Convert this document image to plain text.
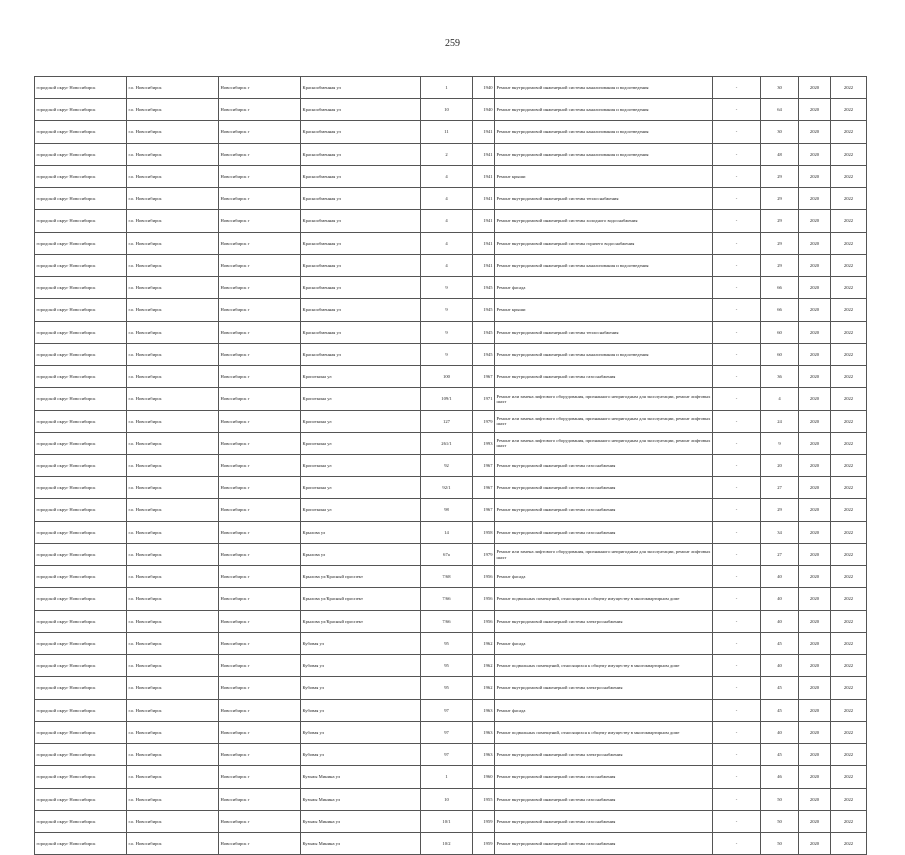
259
городской округ Новосибирск	г.о. Новосибирск	Новосибирск г	Краснообменная ул	1	1940	Ремонт внутридомовой инженерной системы канализования и водоотведения	-	30	2020	2022
городской округ Новосибирск	г.о. Новосибирск	Новосибирск г	Краснообменная ул	10	1940	Ремонт внутридомовой инженерной системы канализования и водоотведения	-	64	2020	2022
городской округ Новосибирск	г.о. Новосибирск	Новосибирск г	Краснообменная ул	11	1941	Ремонт внутридомовой инженерной системы канализования и водоотведения	-	30	2020	2022
городской округ Новосибирск	г.о. Новосибирск	Новосибирск г	Краснообменная ул	2	1941	Ремонт внутридомовой инженерной системы канализования и водоотведения	-	48	2020	2022
городской округ Новосибирск	г.о. Новосибирск	Новосибирск г	Краснообменная ул	4	1941	Ремонт крыши	-	29	2020	2022
городской округ Новосибирск	г.о. Новосибирск	Новосибирск г	Краснообменная ул	4	1941	Ремонт внутридомовой инженерной системы теплоснабжения	-	29	2020	2022
городской округ Новосибирск	г.о. Новосибирск	Новосибирск г	Краснообменная ул	4	1941	Ремонт внутридомовой инженерной системы холодного водоснабжения	-	29	2020	2022
городской округ Новосибирск	г.о. Новосибирск	Новосибирск г	Краснообменная ул	4	1941	Ремонт внутридомовой инженерной системы горячего водоснабжения	-	29	2020	2022
городской округ Новосибирск	г.о. Новосибирск	Новосибирск г	Краснообменная ул	4	1941	Ремонт внутридомовой инженерной системы канализования и водоотведения	-	29	2020	2022
городской округ Новосибирск	г.о. Новосибирск	Новосибирск г	Краснообменная ул	9	1945	Ремонт фасада	-	66	2020	2022
городской округ Новосибирск	г.о. Новосибирск	Новосибирск г	Краснообменная ул	9	1945	Ремонт крыши	-	66	2020	2022
городской округ Новосибирск	г.о. Новосибирск	Новосибирск г	Краснообменная ул	9	1945	Ремонт внутридомовой инженерной системы теплоснабжения	-	60	2020	2022
городской округ Новосибирск	г.о. Новосибирск	Новосибирск г	Краснообменная ул	9	1945	Ремонт внутридомовой инженерной системы канализования и водоотведения	-	60	2020	2022
городской округ Новосибирск	г.о. Новосибирск	Новосибирск г	Кропоткина ул	100	1967	Ремонт внутридомовой инженерной системы газоснабжения	-	36	2020	2022
городской округ Новосибирск	г.о. Новосибирск	Новосибирск г	Кропоткина ул	109/1	1971	Ремонт или замена лифтового оборудования, признанного непригодным для эксплуатации, ремонт лифтовых шахт	-	4	2020	2022
городской округ Новосибирск	г.о. Новосибирск	Новосибирск г	Кропоткина ул	127	1979	Ремонт или замена лифтового оборудования, признанного непригодным для эксплуатации, ремонт лифтовых шахт	-	24	2020	2022
городской округ Новосибирск	г.о. Новосибирск	Новосибирск г	Кропоткина ул	261/1	1993	Ремонт или замена лифтового оборудования, признанного непригодным для эксплуатации, ремонт лифтовых шахт	-	9	2020	2022
городской округ Новосибирск	г.о. Новосибирск	Новосибирск г	Кропоткина ул	92	1967	Ремонт внутридомовой инженерной системы газоснабжения	-	20	2020	2022
городской округ Новосибирск	г.о. Новосибирск	Новосибирск г	Кропоткина ул	92/1	1967	Ремонт внутридомовой инженерной системы газоснабжения	-	27	2020	2022
городской округ Новосибирск	г.о. Новосибирск	Новосибирск г	Кропоткина ул	98	1967	Ремонт внутридомовой инженерной системы газоснабжения	-	29	2020	2022
городской округ Новосибирск	г.о. Новосибирск	Новосибирск г	Крылова ул	14	1958	Ремонт внутридомовой инженерной системы газоснабжения	-	34	2020	2022
городской округ Новосибирск	г.о. Новосибирск	Новосибирск г	Крылова ул	67а	1979	Ремонт или замена лифтового оборудования, признанного непригодным для эксплуатации, ремонт лифтовых шахт	-	27	2020	2022
городской округ Новосибирск	г.о. Новосибирск	Новосибирск г	Крылова ул/Красный проспект	7/68	1956	Ремонт фасада	-	40	2020	2022
городской округ Новосибирск	г.о. Новосибирск	Новосибирск г	Крылова ул/Красный проспект	7/66	1956	Ремонт подвальных помещений, относящихся к общему имуществу в многоквартирном доме	-	40	2020	2022
городской округ Новосибирск	г.о. Новосибирск	Новосибирск г	Крылова ул/Красный проспект	7/66	1956	Ремонт внутридомовой инженерной системы электроснабжения	-	40	2020	2022
городской округ Новосибирск	г.о. Новосибирск	Новосибирск г	Кубовая ул	95	1962	Ремонт фасада	-	45	2020	2022
городской округ Новосибирск	г.о. Новосибирск	Новосибирск г	Кубовая ул	95	1962	Ремонт подвальных помещений, относящихся к общему имуществу в многоквартирном доме	-	40	2020	2022
городской округ Новосибирск	г.о. Новосибирск	Новосибирск г	Кубовая ул	95	1962	Ремонт внутридомовой инженерной системы электроснабжения	-	45	2020	2022
городской округ Новосибирск	г.о. Новосибирск	Новосибирск г	Кубовая ул	97	1963	Ремонт фасада	-	45	2020	2022
городской округ Новосибирск	г.о. Новосибирск	Новосибирск г	Кубовая ул	97	1963	Ремонт подвальных помещений, относящихся к общему имуществу в многоквартирном доме	-	40	2020	2022
городской округ Новосибирск	г.о. Новосибирск	Новосибирск г	Кубовая ул	97	1963	Ремонт внутридомовой инженерной системы электроснабжения	-	45	2020	2022
городской округ Новосибирск	г.о. Новосибирск	Новосибирск г	Кузьмы Минина ул	1	1960	Ремонт внутридомовой инженерной системы газоснабжения	-	46	2020	2022
городской округ Новосибирск	г.о. Новосибирск	Новосибирск г	Кузьмы Минина ул	10	1955	Ремонт внутридомовой инженерной системы газоснабжения	-	50	2020	2022
городской округ Новосибирск	г.о. Новосибирск	Новосибирск г	Кузьмы Минина ул	10/1	1959	Ремонт внутридомовой инженерной системы газоснабжения	-	50	2020	2022
городской округ Новосибирск	г.о. Новосибирск	Новосибирск г	Кузьмы Минина ул	10/2	1959	Ремонт внутридомовой инженерной системы газоснабжения	-	50	2020	2022
